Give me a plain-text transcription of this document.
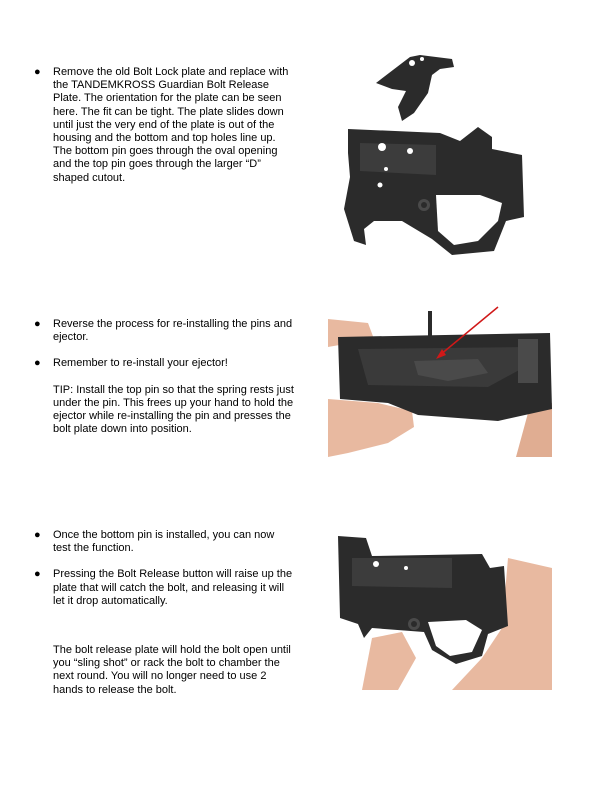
● Remove the old Bolt Lock plate and replace with the TANDEMKROSS Guardian Bolt Release Plate. The orientation for the plate can be seen here. The fit can be tight. The plate slides down until just the very end of the plate is out of the housing and the bottom and top holes line up. The bottom pin goes through the oval opening and the top pin goes through the larger “D” shaped cutout.

● Reverse the process for re-installing the pins and ejector.

● Remember to re-install your ejector!

TIP: Install the top pin so that the spring rests just under the pin. This frees up your hand to hold the ejector while re-installing the pin and presses the bolt plate down into position.

● Once the bottom pin is installed, you can now test the function.

● Pressing the Bolt Release button will raise up the plate that will catch the bolt, and releasing it will let it drop automatically.

The bolt release plate will hold the bolt open until you “sling shot” or rack the bolt to chamber the next round. You will no longer need to use 2 hands to release the bolt.
